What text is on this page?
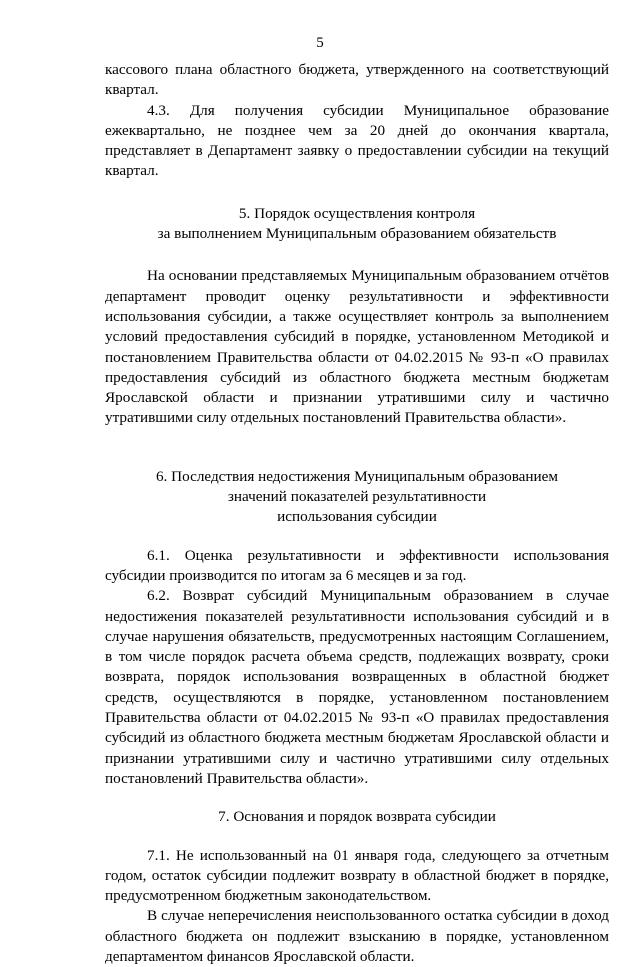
5

кассового плана областного бюджета, утвержденного на соответствующий квартал.

4.3. Для получения субсидии Муниципальное образование ежеквартально, не позднее чем за 20 дней до окончания квартала, представляет в Департамент заявку о предоставлении субсидии на текущий квартал.

5. Порядок осуществления контроля

за выполнением Муниципальным образованием обязательств

На основании представляемых Муниципальным образованием отчётов департамент проводит оценку результативности и эффективности использования субсидии, а также осуществляет контроль за выполнением условий предоставления субсидий в порядке, установленном Методикой и постановлением Правительства области от 04.02.2015 № 93-п «О правилах предоставления субсидий из областного бюджета местным бюджетам Ярославской области и признании утратившими силу и частично утратившими силу отдельных постановлений Правительства области».

6. Последствия недостижения Муниципальным образованием

значений показателей результативности

использования субсидии

6.1. Оценка результативности и эффективности использования субсидии производится по итогам за 6 месяцев и за год.

6.2. Возврат субсидий Муниципальным образованием в случае недостижения показателей результативности использования субсидий и в случае нарушения обязательств, предусмотренных настоящим Соглашением, в том числе порядок расчета объема средств, подлежащих возврату, сроки возврата, порядок использования возвращенных в областной бюджет средств, осуществляются в порядке, установленном постановлением Правительства области от 04.02.2015 № 93-п «О правилах предоставления субсидий из областного бюджета местным бюджетам Ярославской области и признании утратившими силу и частично утратившими силу отдельных постановлений Правительства области».

7. Основания и порядок возврата субсидии

7.1. Не использованный на 01 января года, следующего за отчетным годом, остаток субсидии подлежит возврату в областной бюджет в порядке, предусмотренном бюджетным законодательством.

В случае неперечисления неиспользованного остатка субсидии в доход областного бюджета он подлежит взысканию в порядке, установленном департаментом финансов Ярославской области.
